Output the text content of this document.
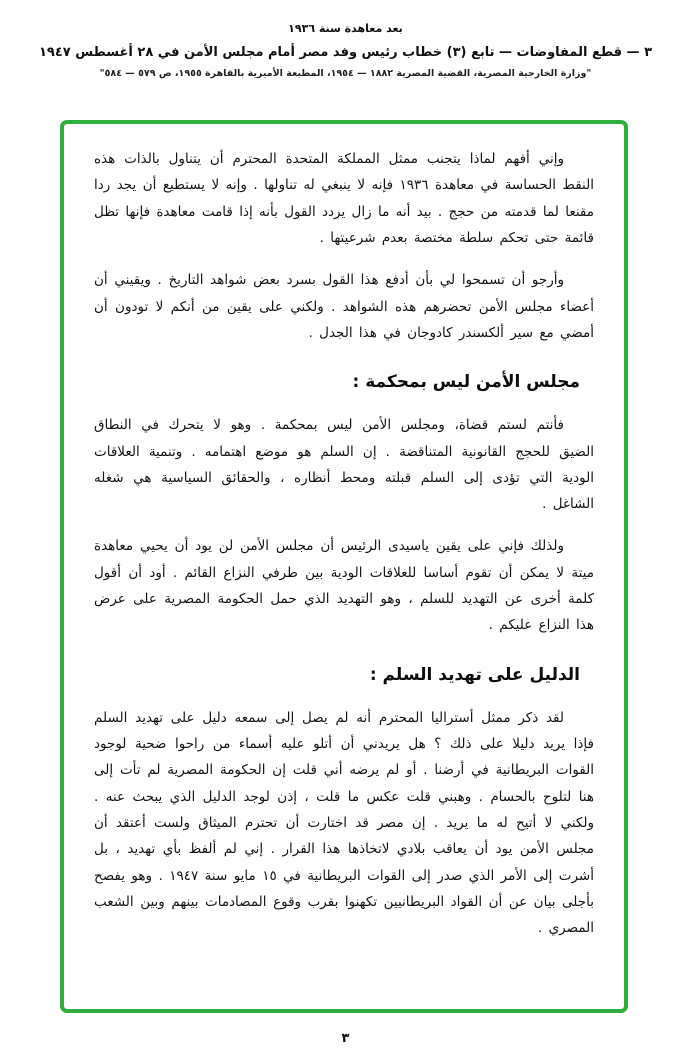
بعد معاهدة سنة ١٩٣٦
٣ — قطع المفاوضات — تابع (٣) خطاب رئيس وفد مصر أمام مجلس الأمن في ٢٨ أغسطس ١٩٤٧
"وزارة الخارجية المصرية، القضية المصرية ١٨٨٢ — ١٩٥٤، المطبعة الأميرية بالقاهرة ١٩٥٥، ص ٥٧٩ — ٥٨٤"

وإني أفهم لماذا يتجنب ممثل المملكة المتحدة المحترم أن يتناول بالذات هذه النقط الحساسة في معاهدة ١٩٣٦ فإنه لا ينبغي له تناولها . وإنه لا يستطيع أن يجد ردا مقنعا لما قدمته من حجج . بيد أنه ما زال يردد القول بأنه إذا قامت معاهدة فإنها تظل قائمة حتى تحكم سلطة مختصة بعدم شرعيتها .

وأرجو أن تسمحوا لي بأن أدفع هذا القول بسرد بعض شواهد التاريخ . ويقيني أن أعضاء مجلس الأمن تحضرهم هذه الشواهد . ولكني على يقين من أنكم لا تودون أن أمضي مع سير ألكسندر كادوجان في هذا الجدل .

مجلس الأمن ليس بمحكمة :

فأنتم لستم قضاة، ومجلس الأمن ليس بمحكمة . وهو لا يتحرك في النطاق الضيق للحجج القانونية المتناقضة . إن السلم هو موضع اهتمامه . وتنمية العلاقات الودية التي تؤدى إلى السلم قبلته ومحط أنظاره ، والحقائق السياسية هي شغله الشاغل .

ولذلك فإني على يقين ياسيدى الرئيس أن مجلس الأمن لن يود أن يحيي معاهدة ميتة لا يمكن أن تقوم أساسا للعلاقات الودية بين طرفي النزاع القائم . أود أن أقول كلمة أخرى عن التهديد للسلم ، وهو التهديد الذي حمل الحكومة المصرية على عرض هذا النزاع عليكم .

الدليل على تهديد السلم :

لقد ذكر ممثل أستراليا المحترم أنه لم يصل إلى سمعه دليل على تهديد السلم فإذا يريد دليلا على ذلك ؟ هل يريدني أن أتلو عليه أسماء من راحوا ضحية لوجود القوات البريطانية في أرضنا . أو لم يرضه أني قلت إن الحكومة المصرية لم تأت إلى هنا لتلوح بالحسام . وهبني قلت عكس ما قلت ، إذن لوجد الدليل الذي يبحث عنه . ولكني لا أتيح له ما يريد . إن مصر قد اختارت أن تحترم الميثاق ولست أعتقد أن مجلس الأمن يود أن يعاقب بلادي لاتخاذها هذا القرار . إني لم ألفظ بأي تهديد ، بل أشرت إلى الأمر الذي صدر إلى القوات البريطانية في ١٥ مايو سنة ١٩٤٧ . وهو يفصح بأجلى بيان عن أن القواد البريطانيين تكهنوا بقرب وقوع المصادمات بينهم وبين الشعب المصري .

٣
